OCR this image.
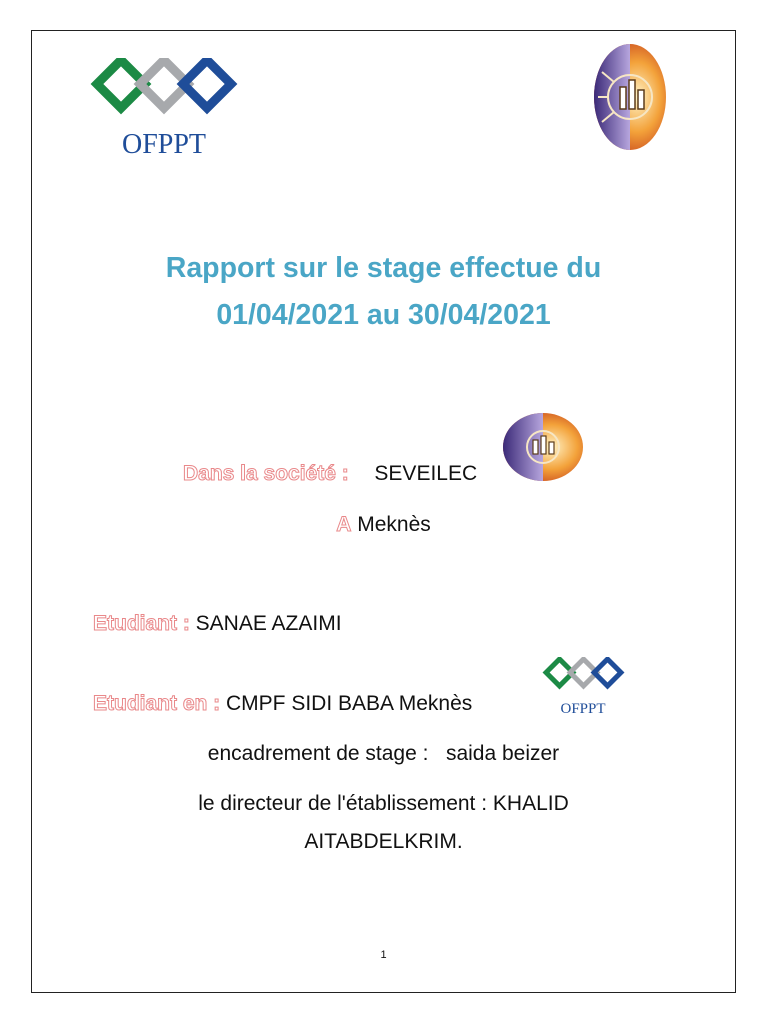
OFPPT
Rapport sur le stage effectue du
01/04/2021 au 30/04/2021
Dans la société : SEVEILEC
A Meknès
Etudiant : SANAE AZAIMI
Etudiant en : CMPF SIDI BABA Meknès	OFPPT
encadrement de stage :   saida beizer
le directeur de l'établissement : KHALID
AITABDELKRIM.
1
